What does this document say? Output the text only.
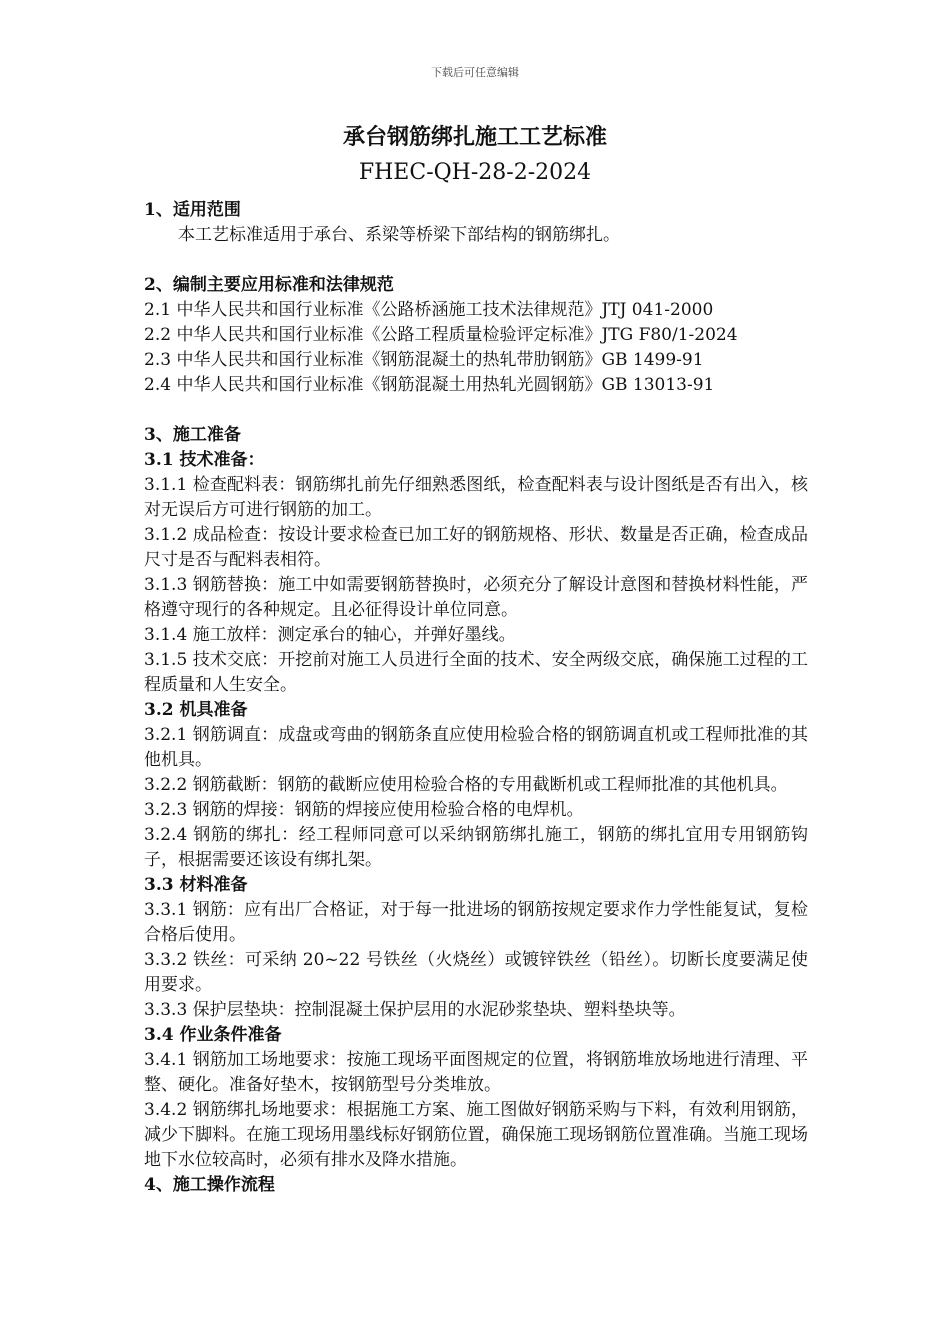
下载后可任意编辑
承台钢筋绑扎施工工艺标准
FHEC-QH-28-2-2024

1、适用范围

本工艺标准适用于承台、系梁等桥梁下部结构的钢筋绑扎。

2、编制主要应用标准和法律规范

2.1 中华人民共和国行业标准《公路桥涵施工技术法律规范》JTJ 041-2000

2.2 中华人民共和国行业标准《公路工程质量检验评定标准》JTG F80/1-2024

2.3 中华人民共和国行业标准《钢筋混凝土的热轧带肋钢筋》GB 1499-91

2.4 中华人民共和国行业标准《钢筋混凝土用热轧光圆钢筋》GB 13013-91

3、施工准备

3.1 技术准备：

3.1.1 检查配料表：钢筋绑扎前先仔细熟悉图纸，检查配料表与设计图纸是否有出入，核对无误后方可进行钢筋的加工。

3.1.2 成品检查：按设计要求检查已加工好的钢筋规格、形状、数量是否正确，检查成品尺寸是否与配料表相符。

3.1.3 钢筋替换：施工中如需要钢筋替换时，必须充分了解设计意图和替换材料性能，严格遵守现行的各种规定。且必征得设计单位同意。

3.1.4 施工放样：测定承台的轴心，并弹好墨线。

3.1.5 技术交底：开挖前对施工人员进行全面的技术、安全两级交底，确保施工过程的工程质量和人生安全。

3.2 机具准备

3.2.1 钢筋调直：成盘或弯曲的钢筋条直应使用检验合格的钢筋调直机或工程师批准的其他机具。

3.2.2 钢筋截断：钢筋的截断应使用检验合格的专用截断机或工程师批准的其他机具。

3.2.3 钢筋的焊接：钢筋的焊接应使用检验合格的电焊机。

3.2.4 钢筋的绑扎：经工程师同意可以采纳钢筋绑扎施工，钢筋的绑扎宜用专用钢筋钩子，根据需要还该设有绑扎架。

3.3 材料准备

3.3.1 钢筋：应有出厂合格证，对于每一批进场的钢筋按规定要求作力学性能复试，复检合格后使用。

3.3.2 铁丝：可采纳 20~22 号铁丝（火烧丝）或镀锌铁丝（铅丝）。切断长度要满足使用要求。

3.3.3 保护层垫块：控制混凝土保护层用的水泥砂浆垫块、塑料垫块等。

3.4 作业条件准备

3.4.1 钢筋加工场地要求：按施工现场平面图规定的位置，将钢筋堆放场地进行清理、平整、硬化。准备好垫木，按钢筋型号分类堆放。

3.4.2 钢筋绑扎场地要求：根据施工方案、施工图做好钢筋采购与下料，有效利用钢筋，减少下脚料。在施工现场用墨线标好钢筋位置，确保施工现场钢筋位置准确。当施工现场地下水位较高时，必须有排水及降水措施。

4、施工操作流程
